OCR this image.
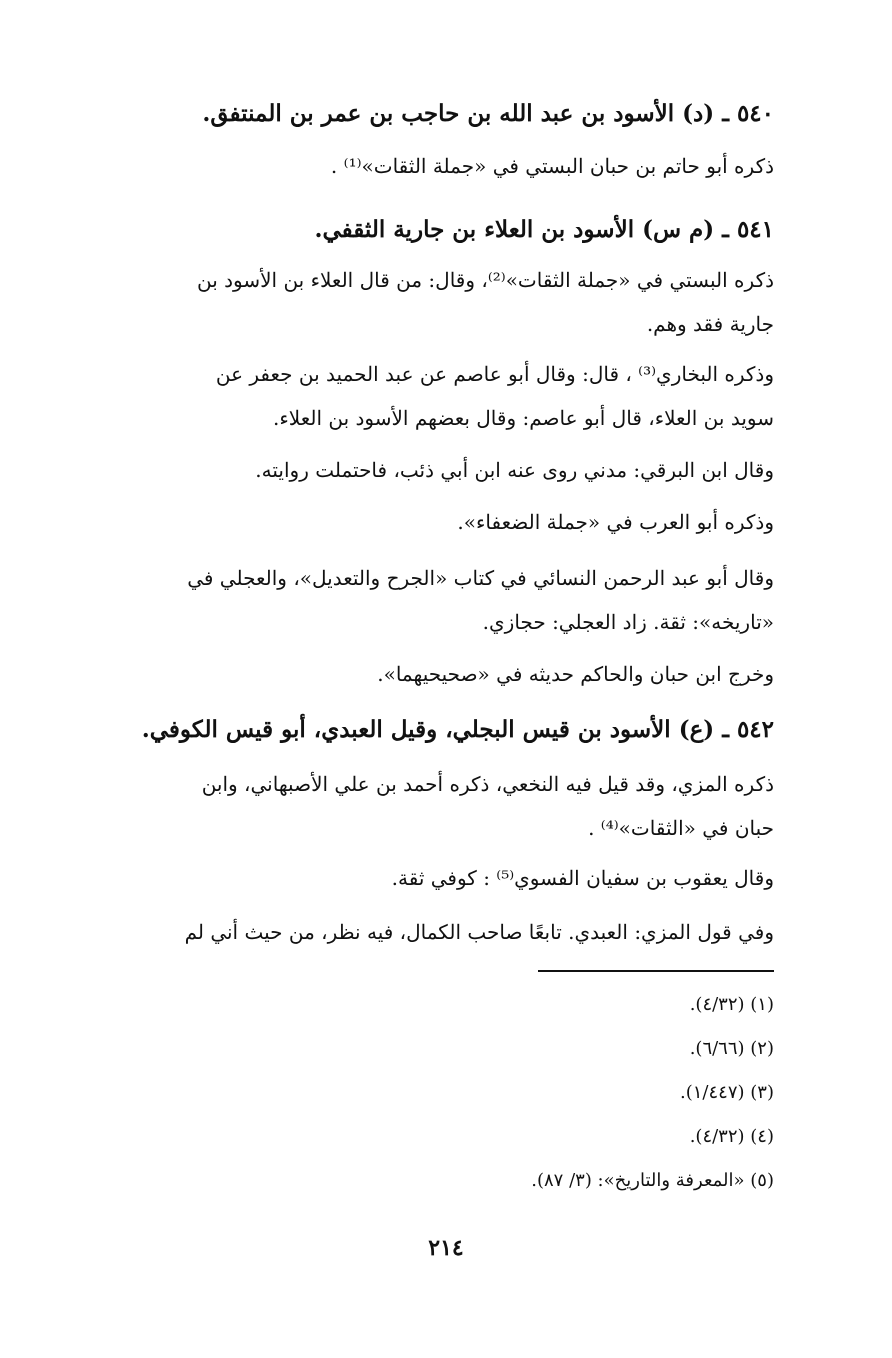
٥٤٠ ـ (د) الأسود بن عبد الله بن حاجب بن عمر بن المنتفق.

ذكره أبو حاتم بن حبان البستي في «جملة الثقات»⁽¹⁾ .

٥٤١ ـ (م س) الأسود بن العلاء بن جارية الثقفي.

ذكره البستي في «جملة الثقات»⁽²⁾، وقال: من قال العلاء بن الأسود بن
جارية فقد وهم.

وذكره البخاري⁽³⁾ ، قال: وقال أبو عاصم عن عبد الحميد بن جعفر عن
سويد بن العلاء، قال أبو عاصم: وقال بعضهم الأسود بن العلاء.

وقال ابن البرقي: مدني روى عنه ابن أبي ذئب، فاحتملت روايته.

وذكره أبو العرب في «جملة الضعفاء».

وقال أبو عبد الرحمن النسائي في كتاب «الجرح والتعديل»، والعجلي في
«تاريخه»: ثقة. زاد العجلي: حجازي.

وخرج ابن حبان والحاكم حديثه في «صحيحيهما».

٥٤٢ ـ (ع) الأسود بن قيس البجلي، وقيل العبدي، أبو قيس الكوفي.

ذكره المزي، وقد قيل فيه النخعي، ذكره أحمد بن علي الأصبهاني، وابن
حبان في «الثقات»⁽⁴⁾ .

وقال يعقوب بن سفيان الفسوي⁽⁵⁾ : كوفي ثقة.

وفي قول المزي: العبدي. تابعًا صاحب الكمال، فيه نظر، من حيث أني لم

(١) (٤/٣٢).
(٢) (٦/٦٦).
(٣) (١/٤٤٧).
(٤) (٤/٣٢).
(٥) «المعرفة والتاريخ»: (٣/ ٨٧).
٢١٤
